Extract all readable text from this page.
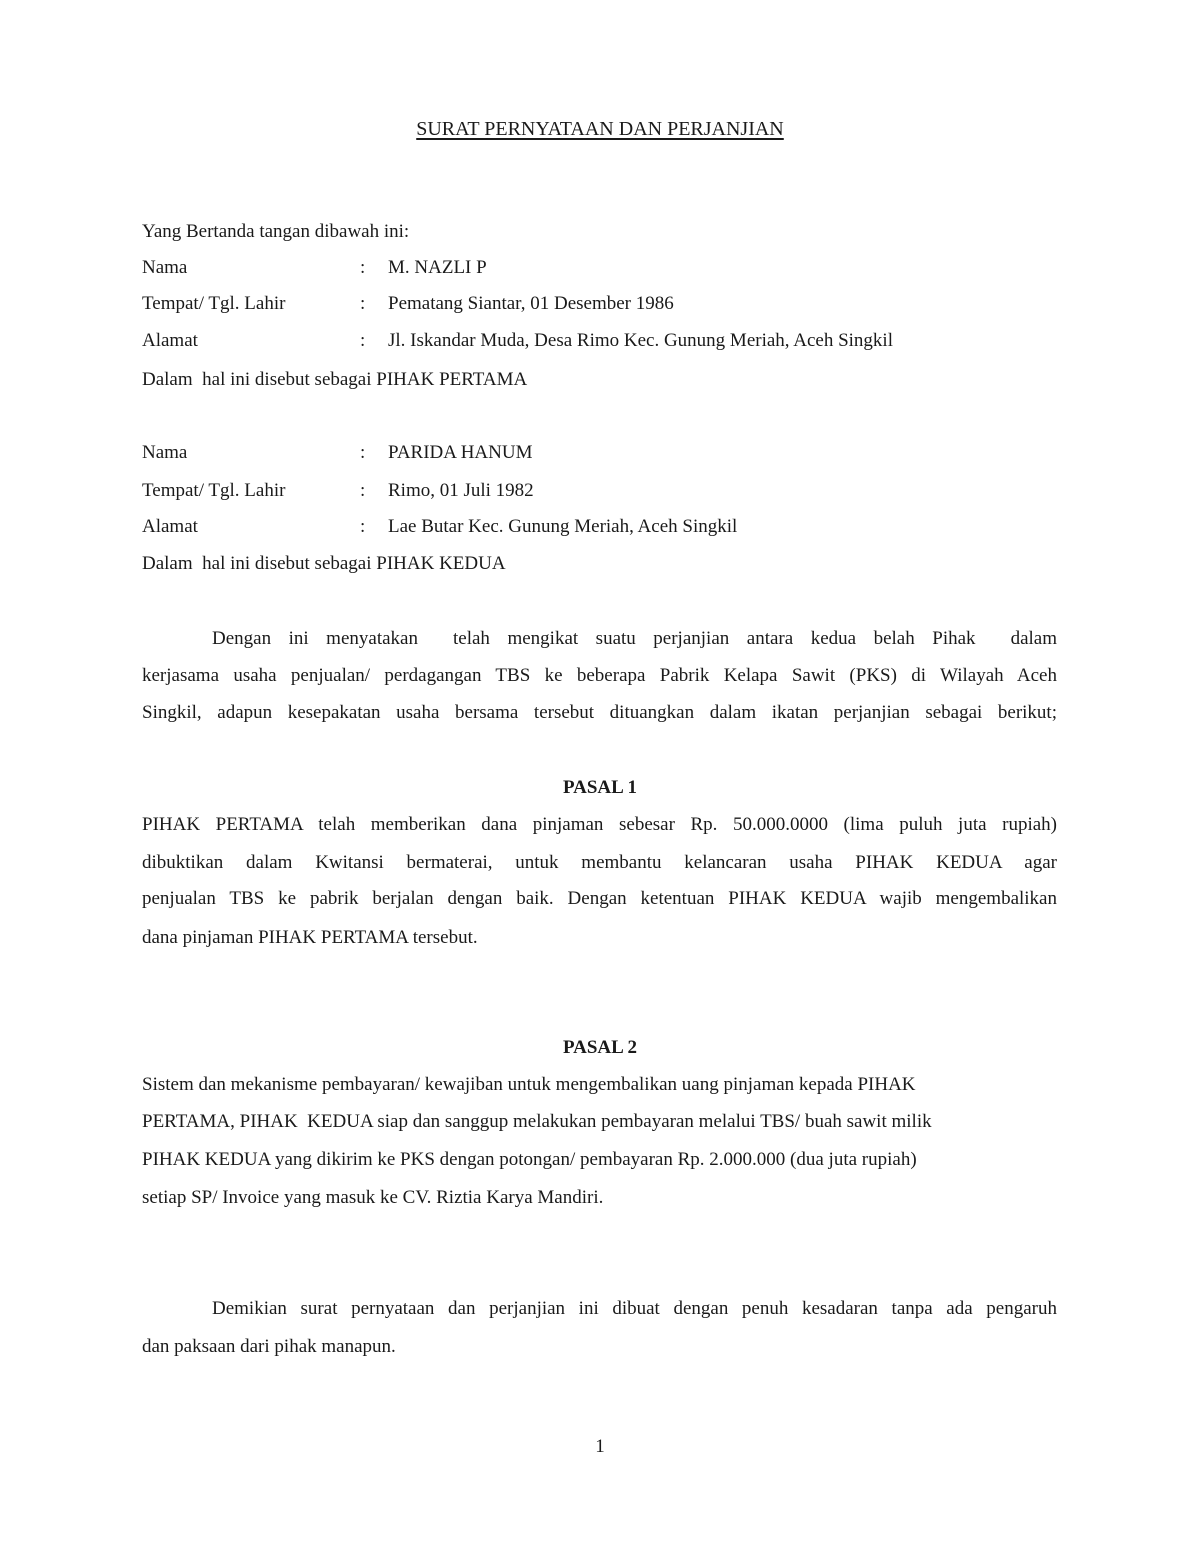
SURAT PERNYATAAN DAN PERJANJIAN
Yang Bertanda tangan dibawah ini:
Nama	: M. NAZLI P
Tempat/ Tgl. Lahir	: Pematang Siantar, 01 Desember 1986
Alamat	: Jl. Iskandar Muda, Desa Rimo Kec. Gunung Meriah, Aceh Singkil
Dalam  hal ini disebut sebagai PIHAK PERTAMA
Nama	: PARIDA HANUM
Tempat/ Tgl. Lahir	: Rimo, 01 Juli 1982
Alamat	: Lae Butar Kec. Gunung Meriah, Aceh Singkil
Dalam  hal ini disebut sebagai PIHAK KEDUA
Dengan ini menyatakan  telah mengikat suatu perjanjian antara kedua belah Pihak  dalam
kerjasama usaha penjualan/ perdagangan TBS ke beberapa Pabrik Kelapa Sawit (PKS) di Wilayah Aceh
Singkil, adapun kesepakatan usaha bersama tersebut dituangkan dalam ikatan perjanjian sebagai berikut;
PASAL 1
PIHAK PERTAMA telah memberikan dana pinjaman sebesar Rp. 50.000.0000 (lima puluh juta rupiah)
dibuktikan dalam Kwitansi bermaterai, untuk membantu kelancaran usaha PIHAK KEDUA agar
penjualan TBS ke pabrik berjalan dengan baik. Dengan ketentuan PIHAK KEDUA wajib mengembalikan
dana pinjaman PIHAK PERTAMA tersebut.
PASAL 2
Sistem dan mekanisme pembayaran/ kewajiban untuk mengembalikan uang pinjaman kepada PIHAK
PERTAMA, PIHAK  KEDUA siap dan sanggup melakukan pembayaran melalui TBS/ buah sawit milik
PIHAK KEDUA yang dikirim ke PKS dengan potongan/ pembayaran Rp. 2.000.000 (dua juta rupiah)
setiap SP/ Invoice yang masuk ke CV. Riztia Karya Mandiri.
Demikian surat pernyataan dan perjanjian ini dibuat dengan penuh kesadaran tanpa ada pengaruh
dan paksaan dari pihak manapun.
1
